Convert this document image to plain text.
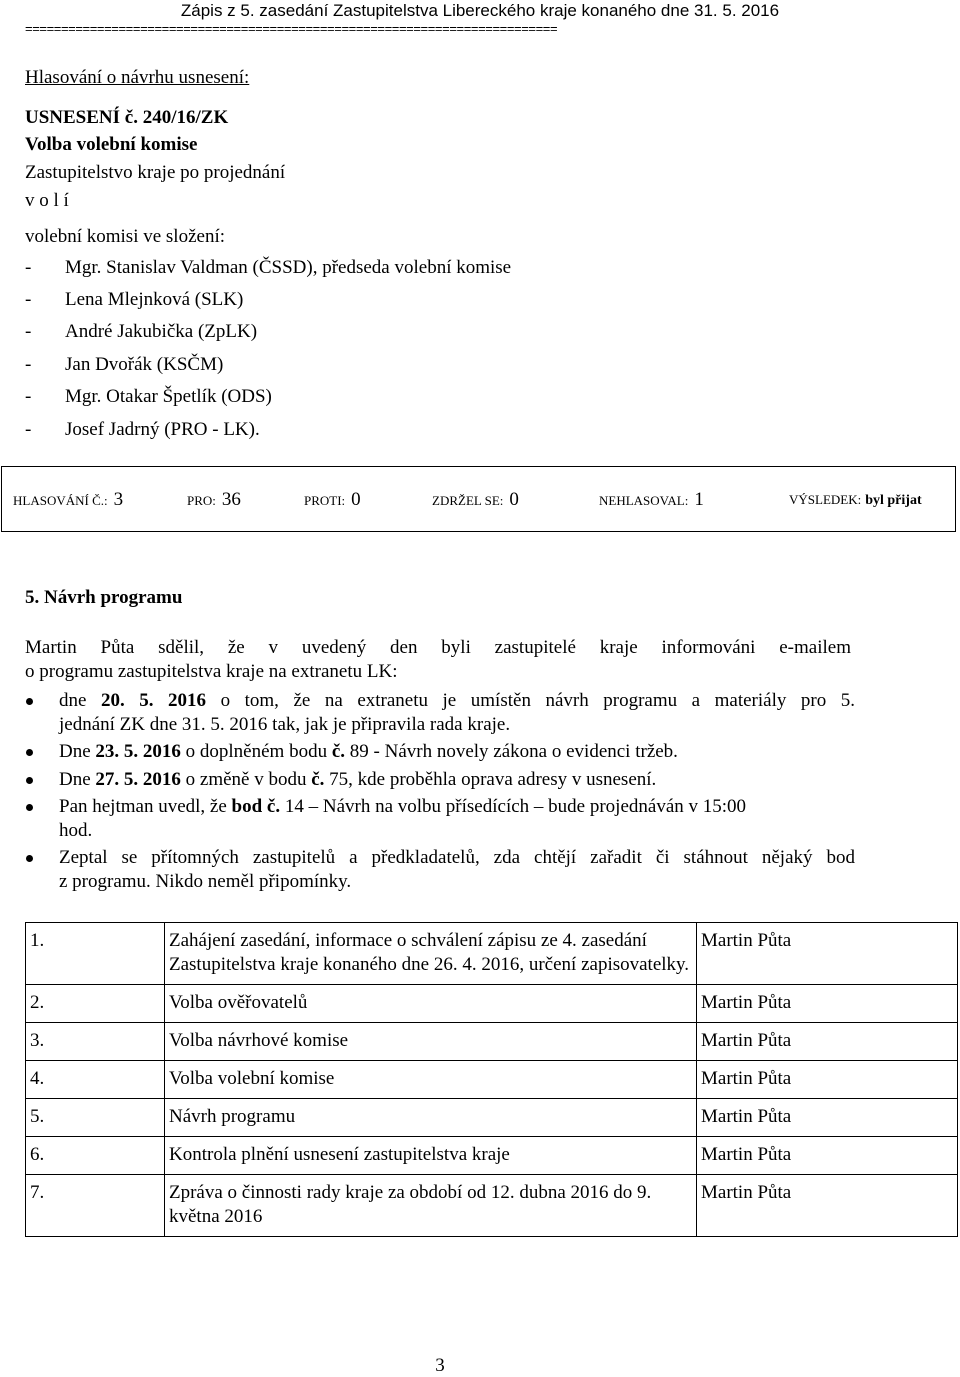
Zápis z 5. zasedání Zastupitelstva Libereckého kraje konaného dne 31. 5. 2016
==========================================================================
Hlasování o návrhu usnesení:
USNESENÍ č. 240/16/ZK
Volba volební komise
Zastupitelstvo kraje po projednání
v o l í
volební komisi ve složení:
- Mgr. Stanislav Valdman (ČSSD), předseda volební komise
- Lena Mlejnková (SLK)
- André Jakubička (ZpLK)
- Jan Dvořák (KSČM)
- Mgr. Otakar Špetlík (ODS)
- Josef Jadrný (PRO - LK).
HLASOVÁNÍ Č.: 3	PRO: 36	PROTI: 0	ZDRŽEL SE: 0	NEHLASOVAL: 1	VÝSLEDEK: byl přijat
5. Návrh programu
Martin Půta sdělil, že v uvedený den byli zastupitelé kraje informováni e-mailem
o programu zastupitelstva kraje na extranetu LK:
dne 20. 5. 2016 o tom, že na extranetu je umístěn návrh programu a materiály pro 5.
jednání ZK dne 31. 5. 2016 tak, jak je připravila rada kraje.
Dne 23. 5. 2016 o doplněném bodu č. 89 - Návrh novely zákona o evidenci tržeb.
Dne 27. 5. 2016 o změně v bodu č. 75, kde proběhla oprava adresy v usnesení.
Pan hejtman uvedl, že bod č. 14 – Návrh na volbu přísedících – bude projednáván v 15:00
hod.
Zeptal se přítomných zastupitelů a předkladatelů, zda chtějí zařadit či stáhnout nějaký bod
z programu. Nikdo neměl připomínky.
1.	Zahájení zasedání, informace o schválení zápisu ze 4. zasedání Zastupitelstva kraje konaného dne 26. 4. 2016, určení zapisovatelky.	Martin Půta
2.	Volba ověřovatelů	Martin Půta
3.	Volba návrhové komise	Martin Půta
4.	Volba volební komise	Martin Půta
5.	Návrh programu	Martin Půta
6.	Kontrola plnění usnesení zastupitelstva kraje	Martin Půta
7.	Zpráva o činnosti rady kraje za období od 12. dubna 2016 do 9. května 2016	Martin Půta
3
